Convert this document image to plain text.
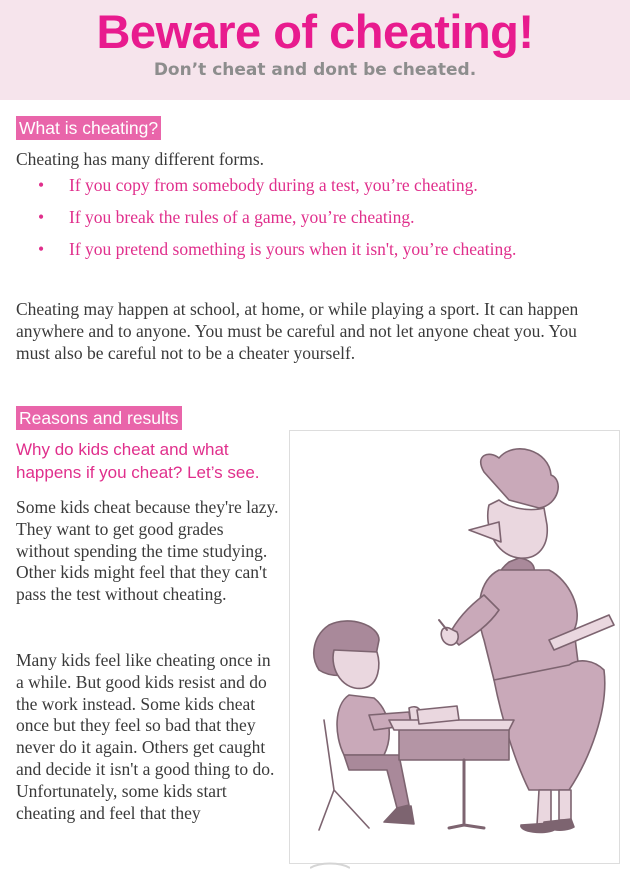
Beware of cheating!
Don’t cheat and dont be cheated.
What is cheating?
Cheating has many different forms.
• If you copy from somebody during a test, you’re cheating.
• If you break the rules of a game, you’re cheating.
• If you pretend something is yours when it isn't, you’re cheating.
Cheating may happen at school, at home, or while playing a sport. It can happen anywhere and to anyone. You must be careful and not let anyone cheat you. You must also be careful not to be a cheater yourself.
Reasons and results
Why do kids cheat and what happens if you cheat? Let’s see.
Some kids cheat because they're lazy. They want to get good grades without spending the time studying. Other kids might feel that they can't pass the test without cheating.
Many kids feel like cheating once in a while. But good kids resist and do the work instead. Some kids cheat once but they feel so bad that they never do it again. Others get caught and decide it isn't a good thing to do. Unfortunately, some kids start cheating and feel that they
